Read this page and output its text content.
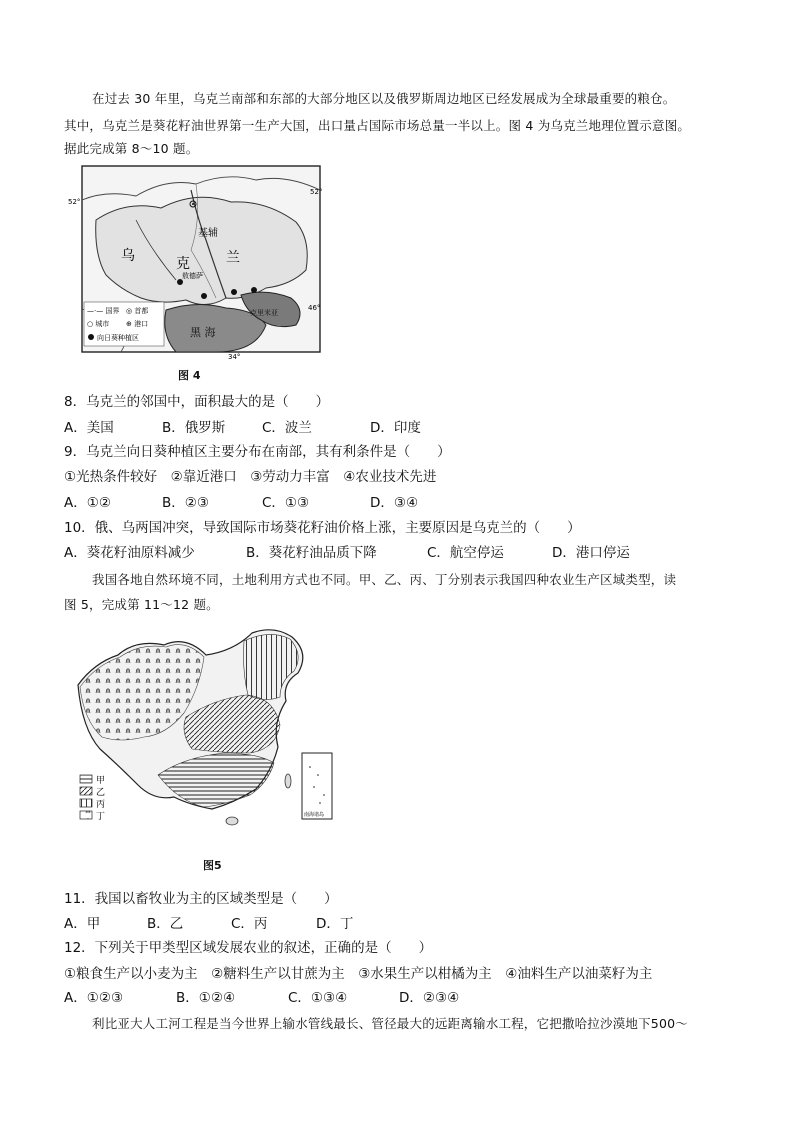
在过去 30 年里，乌克兰南部和东部的大部分地区以及俄罗斯周边地区已经发展成为全球最重要的粮仓。
其中，乌克兰是葵花籽油世界第一生产大国，出口量占国际市场总量一半以上。图 4 为乌克兰地理位置示意图。
据此完成第 8～10 题。
基辅
乌	克	兰
敖德萨
黑 海
克里米亚
52°
52°
46°
34°
—·— 国界 ◎ 首都
○ 城市 ⊕ 港口
向日葵种植区
图 4
8．乌克兰的邻国中，面积最大的是（　　）
A．美国	B．俄罗斯	C．波兰	D．印度
9．乌克兰向日葵种植区主要分布在南部，其有利条件是（　　）
①光热条件较好　②靠近港口　③劳动力丰富　④农业技术先进
A．①②	B．②③	C．①③	D．③④
10．俄、乌两国冲突，导致国际市场葵花籽油价格上涨，主要原因是乌克兰的（　　）
A．葵花籽油原料减少	B．葵花籽油品质下降	C．航空停运	D．港口停运
我国各地自然环境不同，土地利用方式也不同。甲、乙、丙、丁分别表示我国四种农业生产区域类型，读
图 5，完成第 11～12 题。
南海诸岛
甲
乙
丙
丁
图5
11．我国以畜牧业为主的区域类型是（　　）
A．甲	B．乙	C．丙	D．丁
12．下列关于甲类型区域发展农业的叙述，正确的是（　　）
①粮食生产以小麦为主　②糖料生产以甘蔗为主　③水果生产以柑橘为主　④油料生产以油菜籽为主
A．①②③	B．①②④	C．①③④	D．②③④
利比亚大人工河工程是当今世界上输水管线最长、管径最大的远距离输水工程，它把撒哈拉沙漠地下500～
